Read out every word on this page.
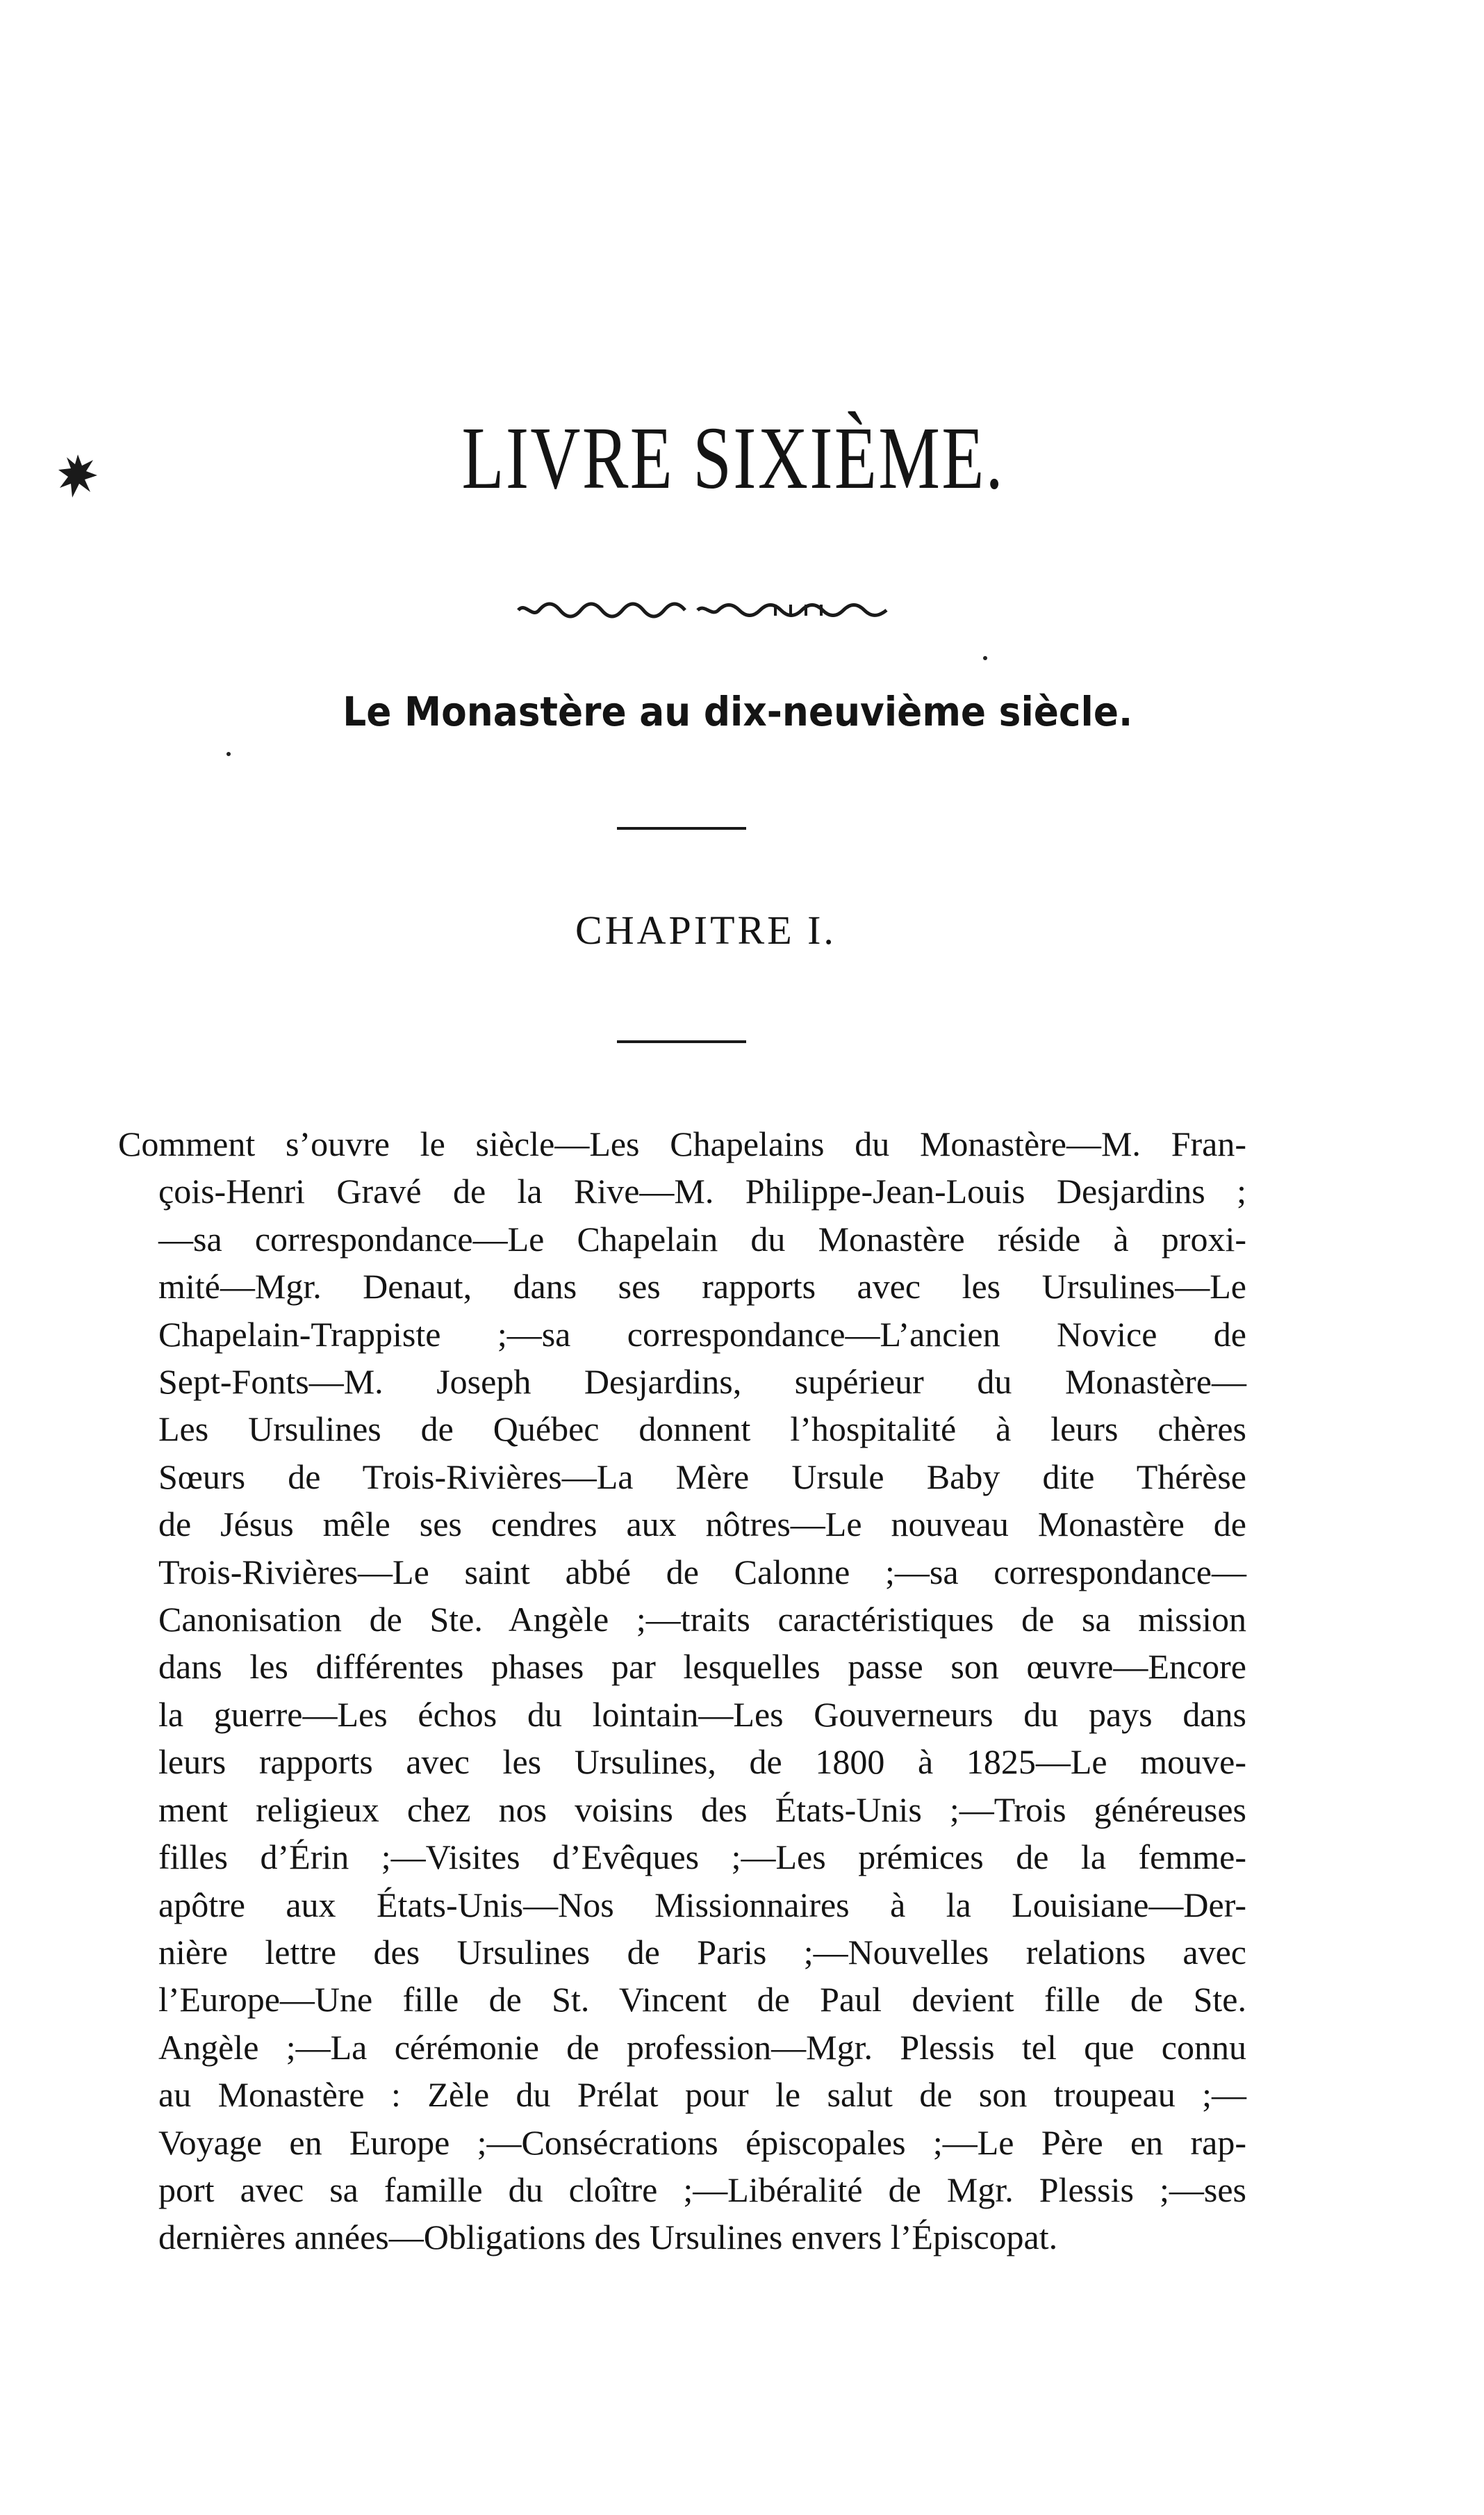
LIVRE SIXIÈME.
Le Monastère au dix-neuvième siècle.
CHAPITRE I.
Comment s’ouvre le siècle—Les Chapelains du Monastère—M. Fran-
çois-Henri Gravé de la Rive—M. Philippe-Jean-Louis Desjardins ;
—sa correspondance—Le Chapelain du Monastère réside à proxi-
mité—Mgr. Denaut, dans ses rapports avec les Ursulines—Le
Chapelain-Trappiste ;—sa correspondance—L’ancien Novice de
Sept-Fonts—M. Joseph Desjardins, supérieur du Monastère—
Les Ursulines de Québec donnent l’hospitalité à leurs chères
Sœurs de Trois-Rivières—La Mère Ursule Baby dite Thérèse
de Jésus mêle ses cendres aux nôtres—Le nouveau Monastère de
Trois-Rivières—Le saint abbé de Calonne ;—sa correspondance—
Canonisation de Ste. Angèle ;—traits caractéristiques de sa mission
dans les différentes phases par lesquelles passe son œuvre—Encore
la guerre—Les échos du lointain—Les Gouverneurs du pays dans
leurs rapports avec les Ursulines, de 1800 à 1825—Le mouve-
ment religieux chez nos voisins des États-Unis ;—Trois généreuses
filles d’Érin ;—Visites d’Evêques ;—Les prémices de la femme-
apôtre aux États-Unis—Nos Missionnaires à la Louisiane—Der-
nière lettre des Ursulines de Paris ;—Nouvelles relations avec
l’Europe—Une fille de St. Vincent de Paul devient fille de Ste.
Angèle ;—La cérémonie de profession—Mgr. Plessis tel que connu
au Monastère : Zèle du Prélat pour le salut de son troupeau ;—
Voyage en Europe ;—Consécrations épiscopales ;—Le Père en rap-
port avec sa famille du cloître ;—Libéralité de Mgr. Plessis ;—ses
dernières années—Obligations des Ursulines envers l’Épiscopat.
